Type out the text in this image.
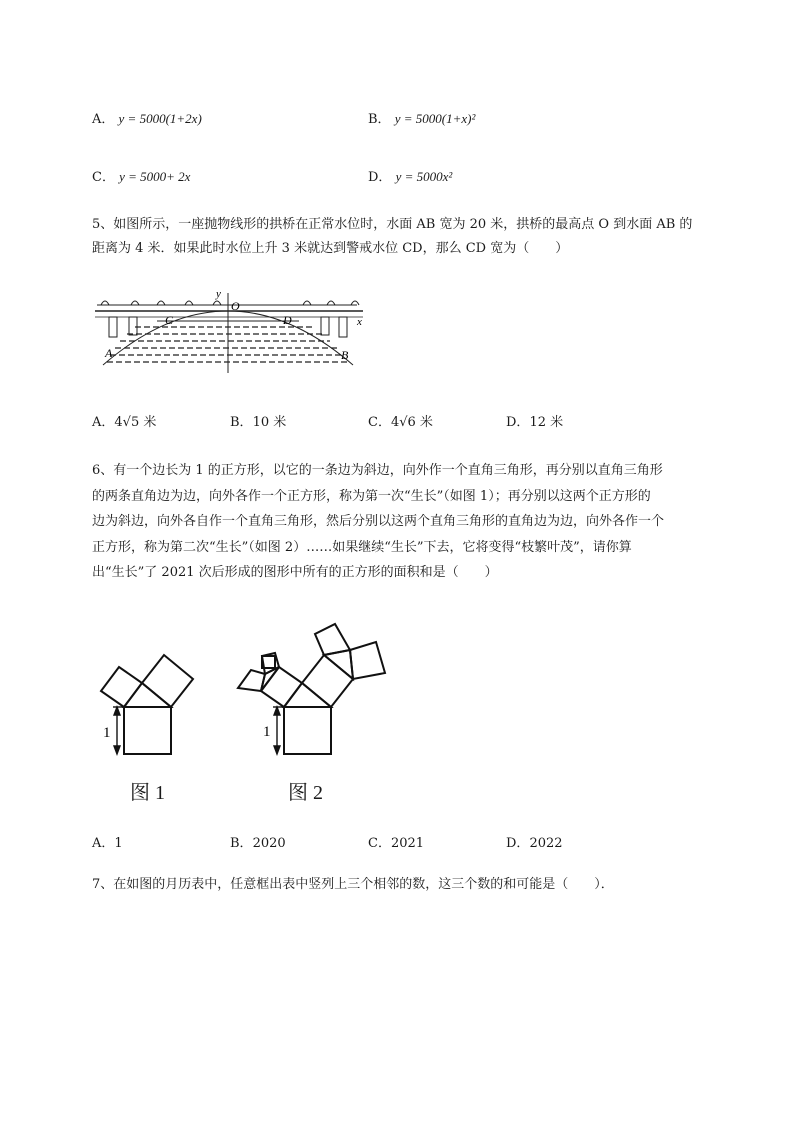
A． y = 5000(1+2x)	B． y = 5000(1+x)²
C． y = 5000+ 2x	D． y = 5000x²
5、如图所示，一座抛物线形的拱桥在正常水位时，水面 AB 宽为 20 米，拱桥的最高点 O 到水面 AB 的
距离为 4 米．如果此时水位上升 3 米就达到警戒水位 CD，那么 CD 宽为（　　）
y
O
x
C	D
A	B
A．4√5 米	B．10 米	C．4√6 米	D．12 米
6、有一个边长为 1 的正方形，以它的一条边为斜边，向外作一个直角三角形，再分别以直角三角形
的两条直角边为边，向外各作一个正方形，称为第一次“生长”（如图 1）；再分别以这两个正方形的
边为斜边，向外各自作一个直角三角形，然后分别以这两个直角三角形的直角边为边，向外各作一个
正方形，称为第二次“生长”（如图 2）……如果继续“生长”下去，它将变得“枝繁叶茂”，请你算
出“生长”了 2021 次后形成的图形中所有的正方形的面积和是（　　）
1
图 1
1
图 2
A．1	B．2020	C．2021	D．2022
7、在如图的月历表中，任意框出表中竖列上三个相邻的数，这三个数的和可能是（　　）．
